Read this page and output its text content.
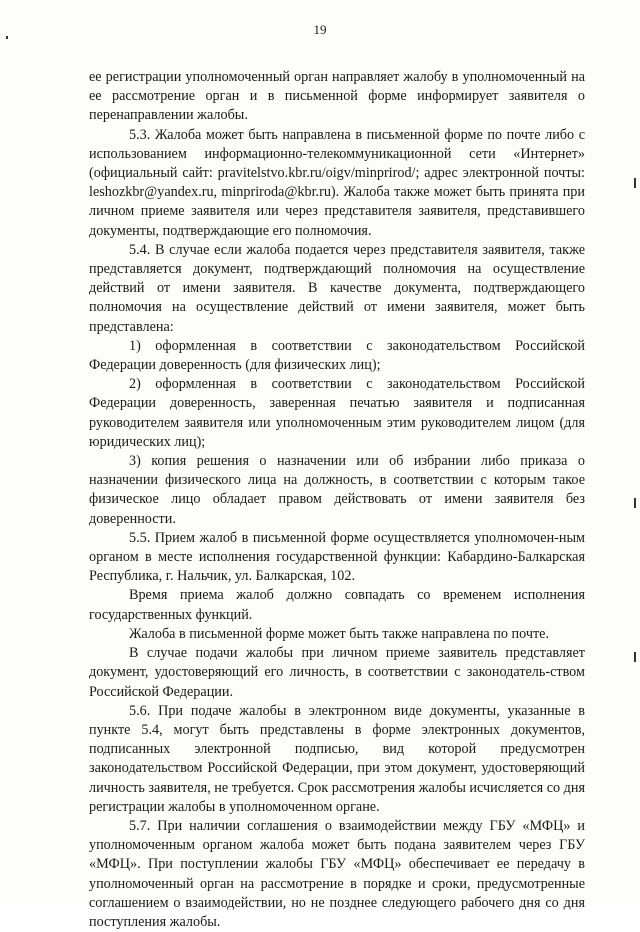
19

ее регистрации уполномоченный орган направляет жалобу в уполномоченный на ее рассмотрение орган и в письменной форме информирует заявителя о перенаправлении жалобы.

5.3. Жалоба может быть направлена в письменной форме по почте либо с использованием информационно-телекоммуникационной сети «Интернет» (официальный сайт: pravitelstvo.kbr.ru/oigv/minprirod/; адрес электронной почты: leshozkbr@yandex.ru, minpriroda@kbr.ru). Жалоба также может быть принята при личном приеме заявителя или через представителя заявителя, представившего документы, подтверждающие его полномочия.

5.4. В случае если жалоба подается через представителя заявителя, также представляется документ, подтверждающий полномочия на осуществление действий от имени заявителя. В качестве документа, подтверждающего полномочия на осуществление действий от имени заявителя, может быть представлена:

1) оформленная в соответствии с законодательством Российской Федерации доверенность (для физических лиц);

2) оформленная в соответствии с законодательством Российской Федерации доверенность, заверенная печатью заявителя и подписанная руководителем заявителя или уполномоченным этим руководителем лицом (для юридических лиц);

3) копия решения о назначении или об избрании либо приказа о назначении физического лица на должность, в соответствии с которым такое физическое лицо обладает правом действовать от имени заявителя без доверенности.

5.5. Прием жалоб в письменной форме осуществляется уполномочен-ным органом в месте исполнения государственной функции: Кабардино-Балкарская Республика, г. Нальчик, ул. Балкарская, 102.

Время приема жалоб должно совпадать со временем исполнения государственных функций.

Жалоба в письменной форме может быть также направлена по почте.

В случае подачи жалобы при личном приеме заявитель представляет документ, удостоверяющий его личность, в соответствии с законодатель-ством Российской Федерации.

5.6. При подаче жалобы в электронном виде документы, указанные в пункте 5.4, могут быть представлены в форме электронных документов, подписанных электронной подписью, вид которой предусмотрен законодательством Российской Федерации, при этом документ, удостоверяющий личность заявителя, не требуется. Срок рассмотрения жалобы исчисляется со дня регистрации жалобы в уполномоченном органе.

5.7. При наличии соглашения о взаимодействии между ГБУ «МФЦ» и уполномоченным органом жалоба может быть подана заявителем через ГБУ «МФЦ». При поступлении жалобы ГБУ «МФЦ» обеспечивает ее передачу в уполномоченный орган на рассмотрение в порядке и сроки, предусмотренные соглашением о взаимодействии, но не позднее следующего рабочего дня со дня поступления жалобы.
